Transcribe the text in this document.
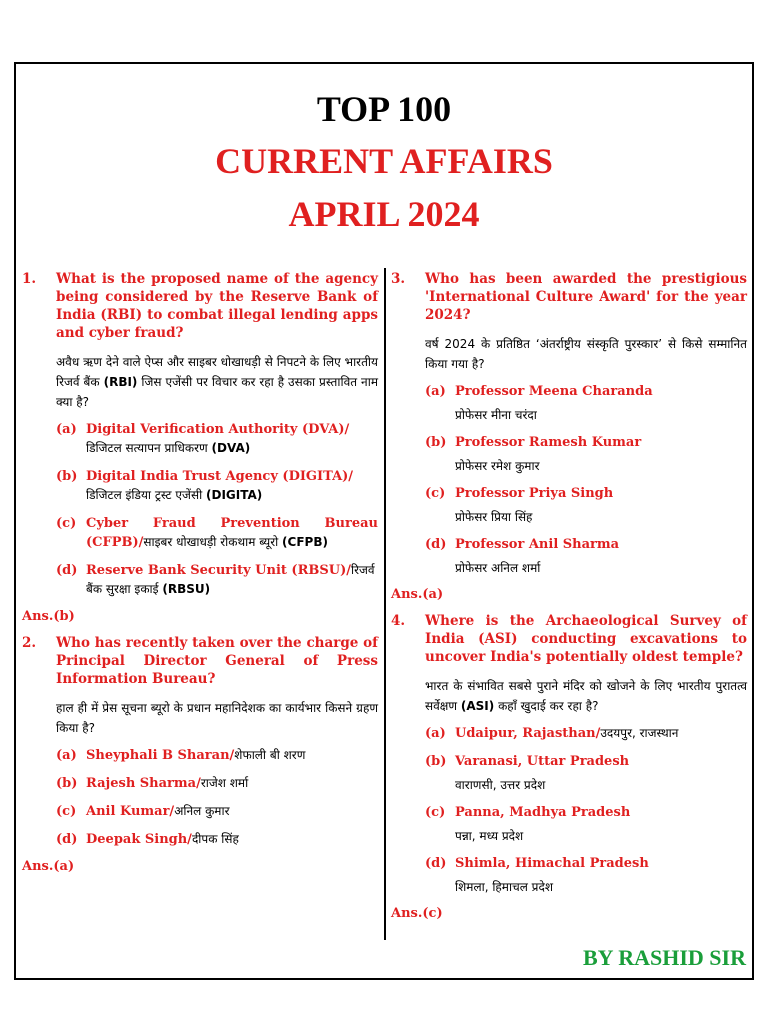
TOP 100
CURRENT AFFAIRS
APRIL 2024
1.	What is the proposed name of the agency being considered by the Reserve Bank of India (RBI) to combat illegal lending apps and cyber fraud?
अवैध ऋण देने वाले ऐप्स और साइबर धोखाधड़ी से निपटने के लिए भारतीय रिजर्व बैंक (RBI) जिस एजेंसी पर विचार कर रहा है उसका प्रस्तावित नाम क्या है?
(a) Digital Verification Authority (DVA)/डिजिटल सत्यापन प्राधिकरण (DVA)
(b) Digital India Trust Agency (DIGITA)/डिजिटल इंडिया ट्रस्ट एजेंसी (DIGITA)
(c) Cyber Fraud Prevention Bureau (CFPB)/साइबर धोखाधड़ी रोकथाम ब्यूरो (CFPB)
(d) Reserve Bank Security Unit (RBSU)/रिजर्व बैंक सुरक्षा इकाई (RBSU)
Ans.(b)
2.	Who has recently taken over the charge of Principal Director General of Press Information Bureau?
हाल ही में प्रेस सूचना ब्यूरो के प्रधान महानिदेशक का कार्यभार किसने ग्रहण किया है?
(a) Sheyphali B Sharan/शेफाली बी शरण
(b) Rajesh Sharma/राजेश शर्मा
(c) Anil Kumar/अनिल कुमार
(d) Deepak Singh/दीपक सिंह
Ans.(a)
3.	Who has been awarded the prestigious 'International Culture Award' for the year 2024?
वर्ष 2024 के प्रतिष्ठित ‘अंतर्राष्ट्रीय संस्कृति पुरस्कार’ से किसे सम्मानित किया गया है?
(a) Professor Meena Charanda
प्रोफेसर मीना चरंदा
(b) Professor Ramesh Kumar
प्रोफेसर रमेश कुमार
(c) Professor Priya Singh
प्रोफेसर प्रिया सिंह
(d) Professor Anil Sharma
प्रोफेसर अनिल शर्मा
Ans.(a)
4.	Where is the Archaeological Survey of India (ASI) conducting excavations to uncover India's potentially oldest temple?
भारत के संभावित सबसे पुराने मंदिर को खोजने के लिए भारतीय पुरातत्व सर्वेक्षण (ASI) कहाँ खुदाई कर रहा है?
(a) Udaipur, Rajasthan/उदयपुर, राजस्थान
(b) Varanasi, Uttar Pradesh
वाराणसी, उत्तर प्रदेश
(c) Panna, Madhya Pradesh
पन्ना, मध्य प्रदेश
(d) Shimla, Himachal Pradesh
शिमला, हिमाचल प्रदेश
Ans.(c)
BY RASHID SIR
